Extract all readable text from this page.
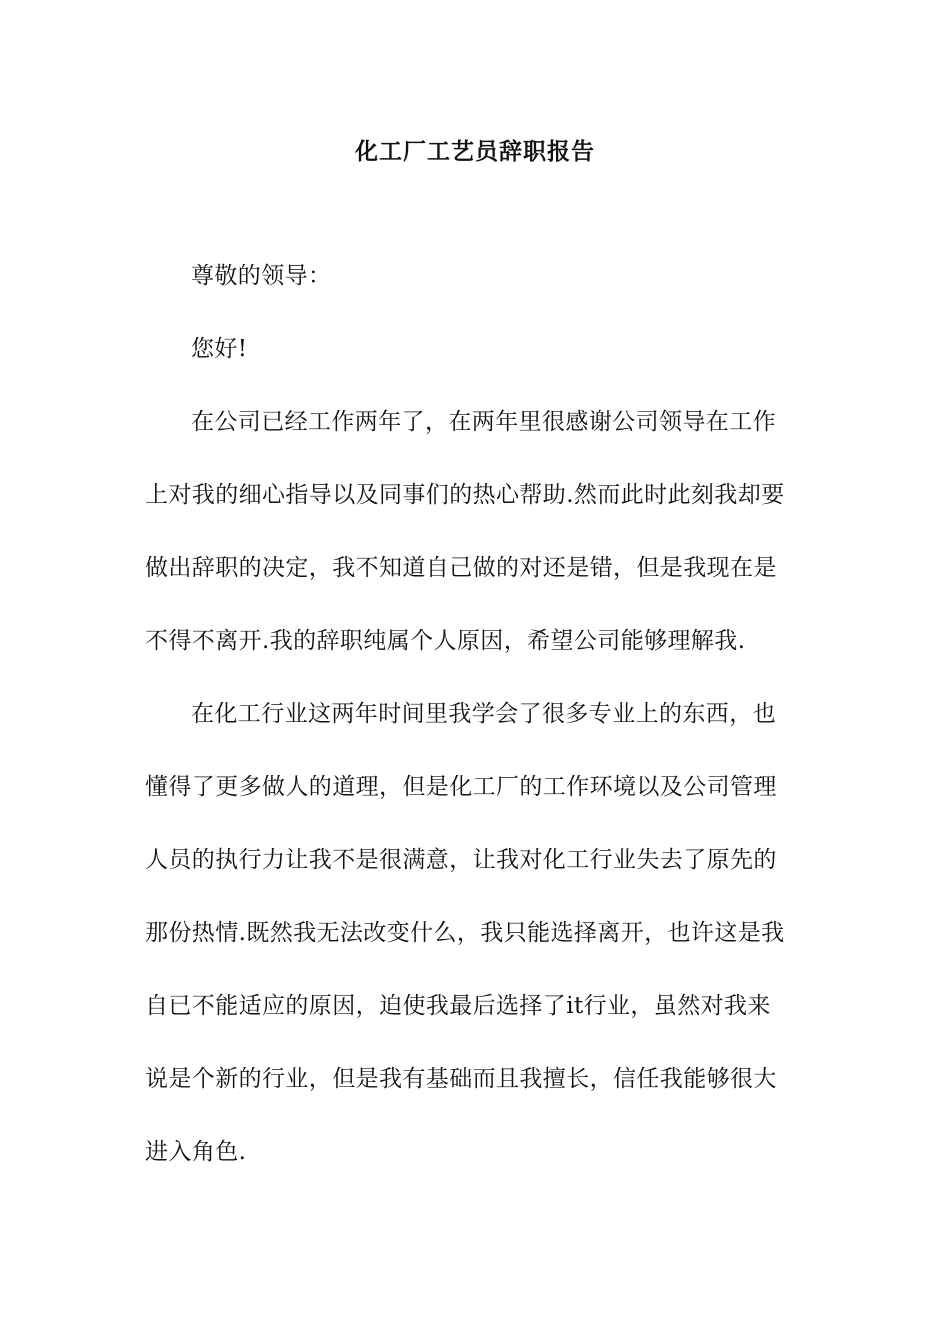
化工厂工艺员辞职报告
尊敬的领导：
您好!
在公司已经工作两年了，在两年里很感谢公司领导在工作
上对我的细心指导以及同事们的热心帮助.然而此时此刻我却要
做出辞职的决定，我不知道自己做的对还是错，但是我现在是
不得不离开.我的辞职纯属个人原因，希望公司能够理解我.
在化工行业这两年时间里我学会了很多专业上的东西，也
懂得了更多做人的道理，但是化工厂的工作环境以及公司管理
人员的执行力让我不是很满意，让我对化工行业失去了原先的
那份热情.既然我无法改变什么，我只能选择离开，也许这是我
自已不能适应的原因，迫使我最后选择了it行业，虽然对我来
说是个新的行业，但是我有基础而且我擅长，信任我能够很大
进入角色.
